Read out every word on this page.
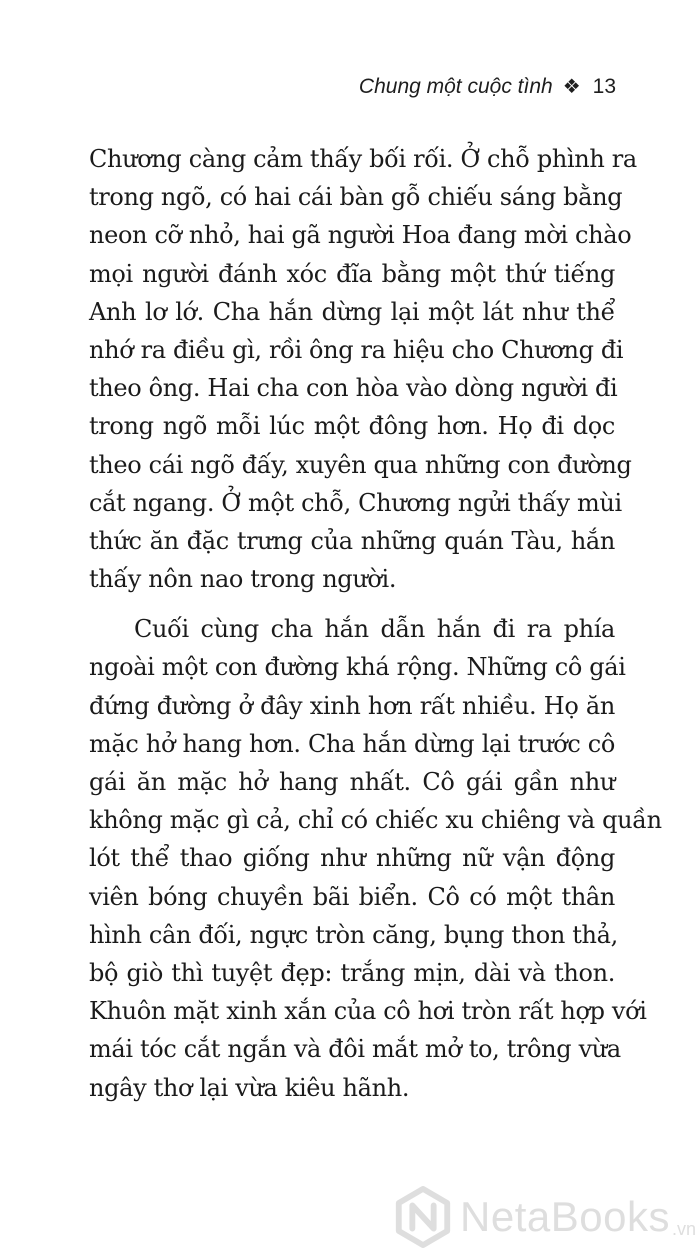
Chung một cuộc tình ❖ 13

Chương càng cảm thấy bối rối. Ở chỗ phình ra
trong ngõ, có hai cái bàn gỗ chiếu sáng bằng
neon cỡ nhỏ, hai gã người Hoa đang mời chào
mọi người đánh xóc đĩa bằng một thứ tiếng
Anh lơ lớ. Cha hắn dừng lại một lát như thể
nhớ ra điều gì, rồi ông ra hiệu cho Chương đi
theo ông. Hai cha con hòa vào dòng người đi
trong ngõ mỗi lúc một đông hơn. Họ đi dọc
theo cái ngõ đấy, xuyên qua những con đường
cắt ngang. Ở một chỗ, Chương ngửi thấy mùi
thức ăn đặc trưng của những quán Tàu, hắn
thấy nôn nao trong người.

Cuối cùng cha hắn dẫn hắn đi ra phía
ngoài một con đường khá rộng. Những cô gái
đứng đường ở đây xinh hơn rất nhiều. Họ ăn
mặc hở hang hơn. Cha hắn dừng lại trước cô
gái ăn mặc hở hang nhất. Cô gái gần như
không mặc gì cả, chỉ có chiếc xu chiêng và quần
lót thể thao giống như những nữ vận động
viên bóng chuyền bãi biển. Cô có một thân
hình cân đối, ngực tròn căng, bụng thon thả,
bộ giò thì tuyệt đẹp: trắng mịn, dài và thon.
Khuôn mặt xinh xắn của cô hơi tròn rất hợp với
mái tóc cắt ngắn và đôi mắt mở to, trông vừa
ngây thơ lại vừa kiêu hãnh.

NetaBooks .vn
